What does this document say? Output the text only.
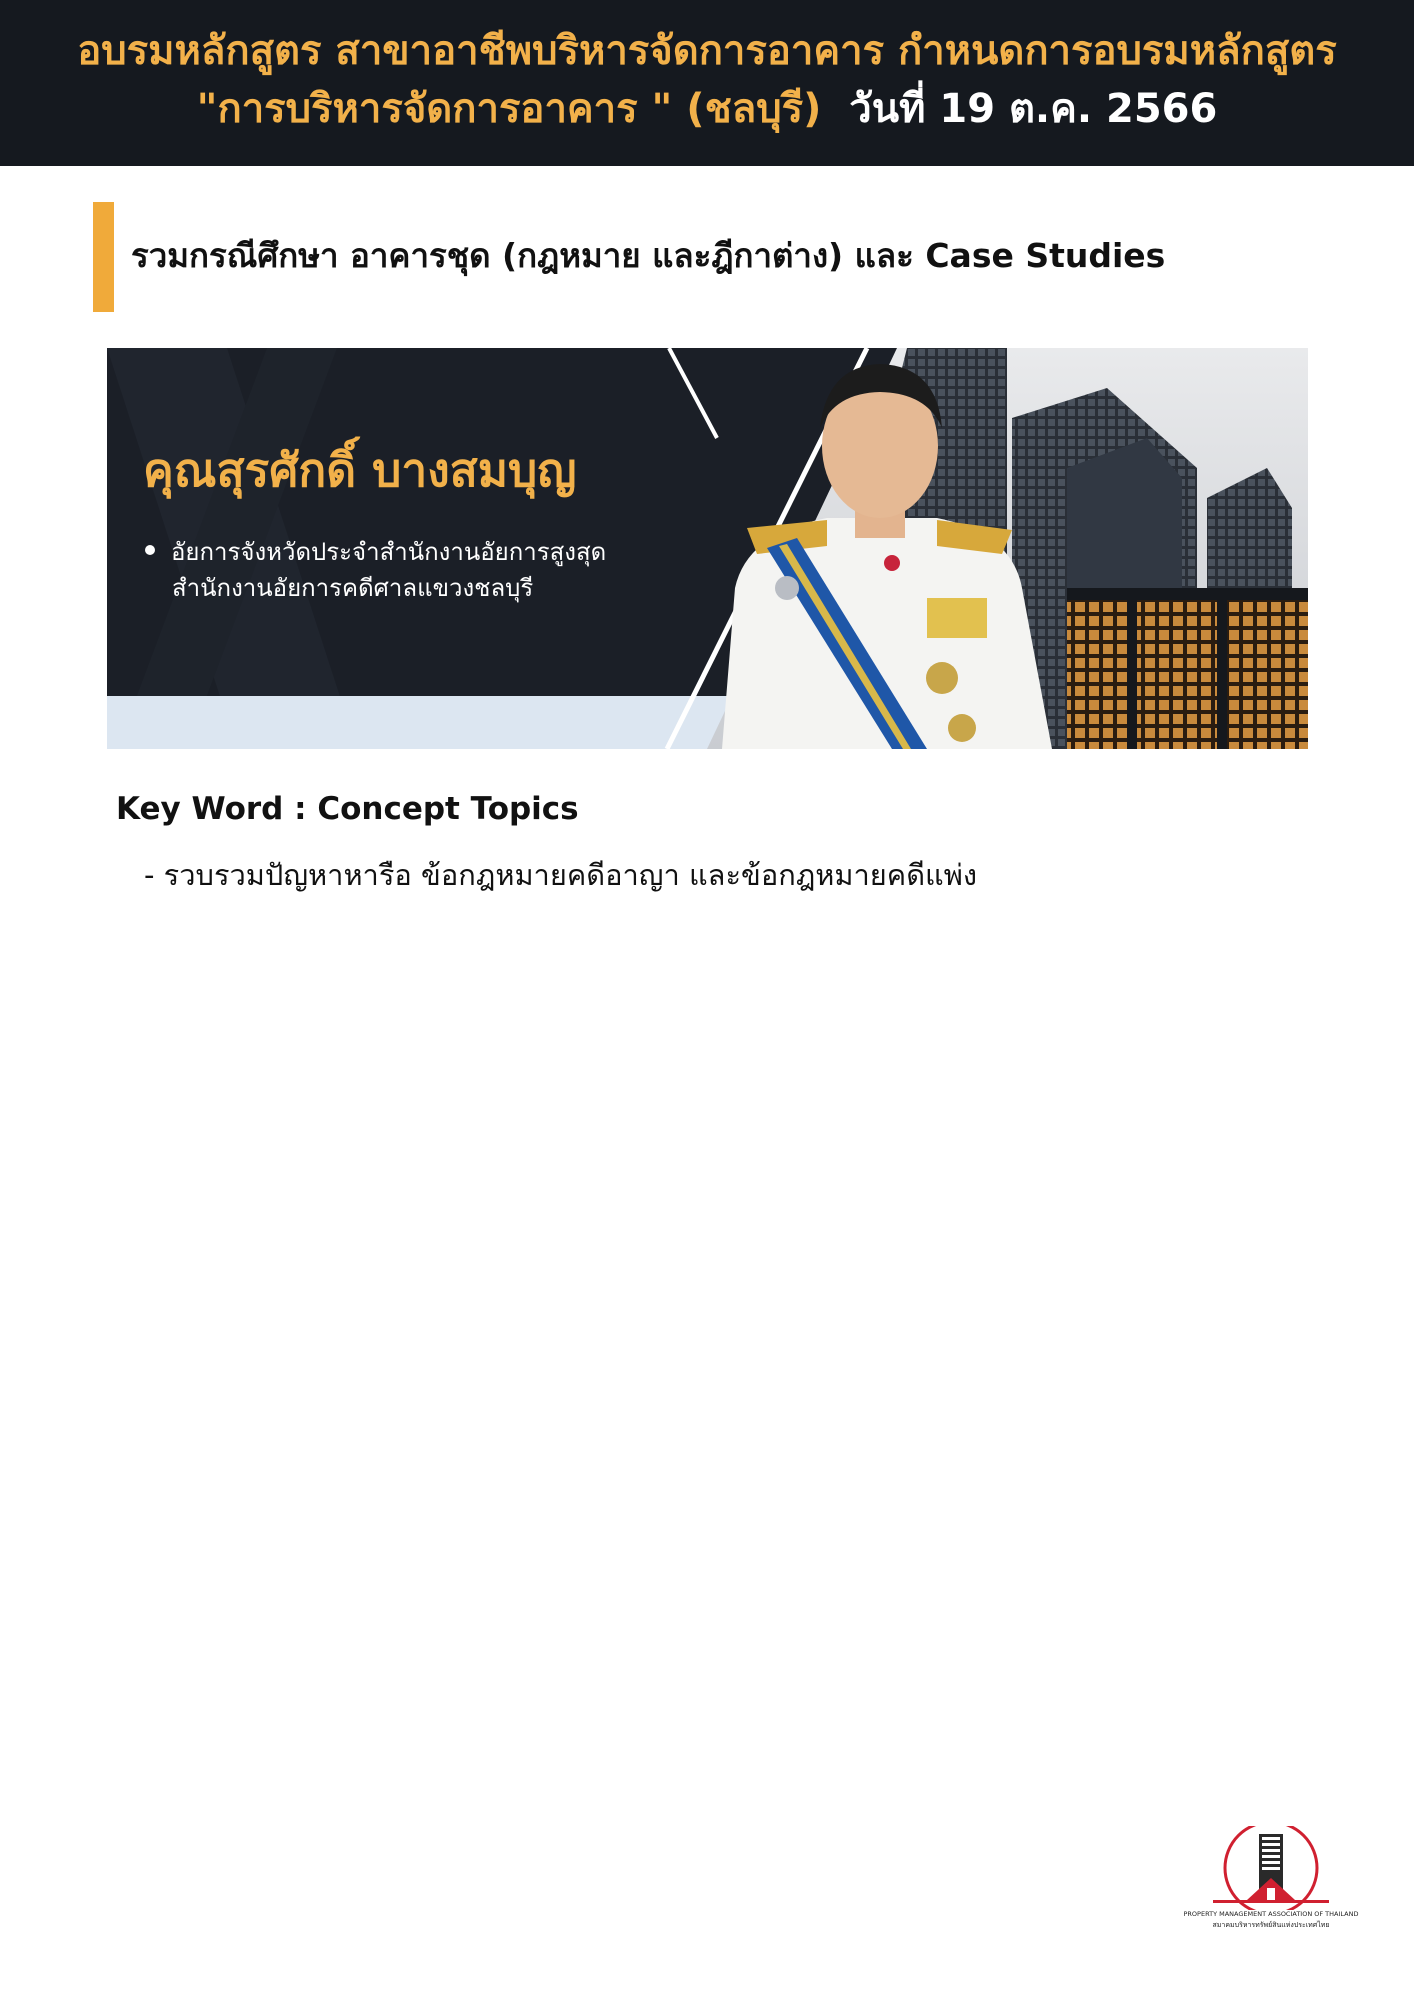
อบรมหลักสูตร สาขาอาชีพบริหารจัดการอาคาร กำหนดการอบรมหลักสูตร
"การบริหารจัดการอาคาร " (ชลบุรี) วันที่ 19 ต.ค. 2566
รวมกรณีศึกษา อาคารชุด (กฎหมาย และฎีกาต่าง) และ Case Studies
คุณสุรศักดิ์ บางสมบุญ
อัยการจังหวัดประจำสำนักงานอัยการสูงสุด
สำนักงานอัยการคดีศาลแขวงชลบุรี
Key Word : Concept Topics
- รวบรวมปัญหาหารือ ข้อกฎหมายคดีอาญา และข้อกฎหมายคดีแพ่ง
PROPERTY MANAGEMENT ASSOCIATION OF THAILAND
สมาคมบริหารทรัพย์สินแห่งประเทศไทย
